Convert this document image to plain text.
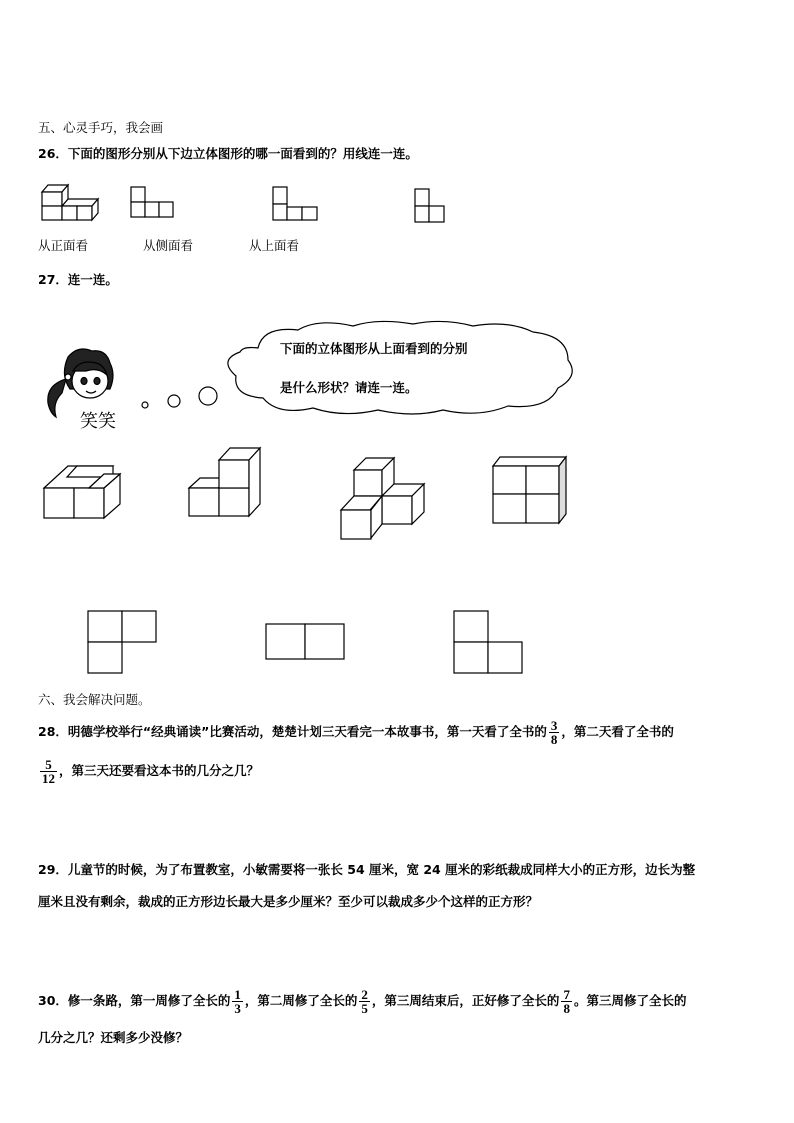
五、心灵手巧，我会画
26．下面的图形分别从下边立体图形的哪一面看到的？用线连一连。
从正面看	从侧面看	从上面看
27．连一连。
笑笑
下面的立体图形从上面看到的分别
是什么形状？请连一连。
六、我会解决问题。
28．明德学校举行“经典诵读”比赛活动，楚楚计划三天看完一本故事书，第一天看了全书的 $\frac{3}{8}$ ，第二天看了全书的
$\frac{5}{12}$ ，第三天还要看这本书的几分之几？
29．儿童节的时候，为了布置教室，小敏需要将一张长 54 厘米，宽 24 厘米的彩纸裁成同样大小的正方形，边长为整
厘米且没有剩余，裁成的正方形边长最大是多少厘米？至少可以裁成多少个这样的正方形？
30．修一条路，第一周修了全长的 $\frac{1}{3}$ ，第二周修了全长的 $\frac{2}{5}$ ，第三周结束后，正好修了全长的 $\frac{7}{8}$ 。第三周修了全长的
几分之几？还剩多少没修？
